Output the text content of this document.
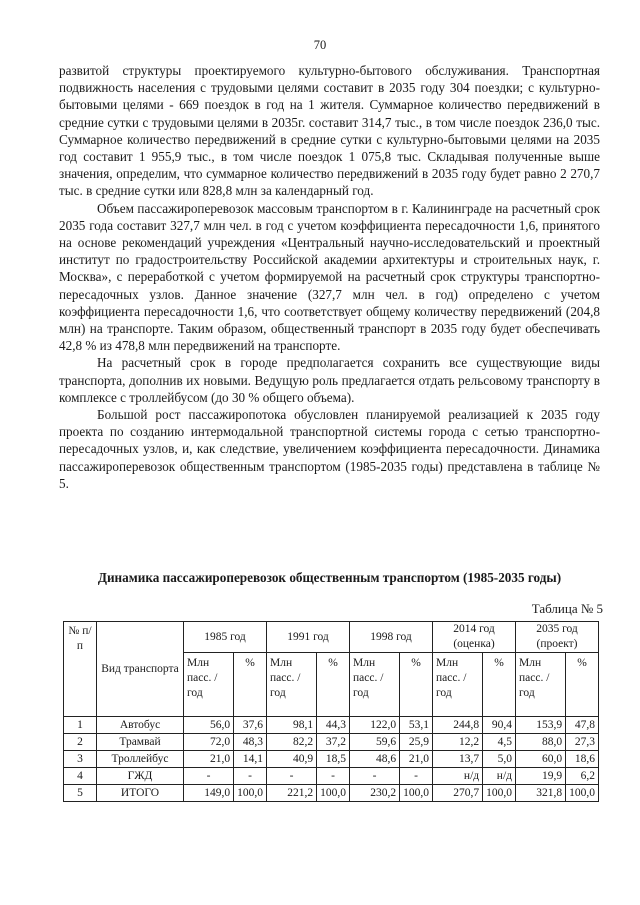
70

развитой структуры проектируемого культурно-бытового обслуживания. Транспортная подвижность населения с трудовыми целями составит в 2035 году 304 поездки; с культурно-бытовыми целями - 669 поездок в год на 1 жителя. Суммарное количество передвижений в средние сутки с трудовыми целями в 2035г. составит 314,7 тыс., в том числе поездок 236,0 тыс. Суммарное количество передвижений в средние сутки с культурно-бытовыми целями на 2035 год составит 1 955,9 тыс., в том числе поездок 1 075,8 тыс. Складывая полученные выше значения, определим, что суммарное количество передвижений в 2035 году будет равно 2 270,7 тыс. в средние сутки или 828,8 млн за календарный год.

Объем пассажироперевозок массовым транспортом в г. Калининграде на расчетный срок 2035 года составит 327,7 млн чел. в год с учетом коэффициента пересадочности 1,6, принятого на основе рекомендаций учреждения «Центральный научно-исследовательский и проектный институт по градостроительству Российской академии архитектуры и строительных наук, г. Москва», с переработкой с учетом формируемой на расчетный срок структуры транспортно-пересадочных узлов. Данное значение (327,7 млн чел. в год) определено с учетом коэффициента пересадочности 1,6, что соответствует общему количеству передвижений (204,8 млн) на транспорте. Таким образом, общественный транспорт в 2035 году будет обеспечивать 42,8 % из 478,8 млн передвижений на транспорте.

На расчетный срок в городе предполагается сохранить все существующие виды транспорта, дополнив их новыми. Ведущую роль предлагается отдать рельсовому транспорту в комплексе с троллейбусом (до 30 % общего объема).

Большой рост пассажиропотока обусловлен планируемой реализацией к 2035 году проекта по созданию интермодальной транспортной системы города с сетью транспортно-пересадочных узлов, и, как следствие, увеличением коэффициента пересадочности. Динамика пассажироперевозок общественным транспортом (1985-2035 годы) представлена в таблице № 5.

Динамика пассажироперевозок общественным транспортом (1985-2035 годы)
Таблица № 5
№ п/п	Вид транспорта	1985 год		1991 год		1998 год		2014 год (оценка)		2035 год (проект)	
		Млн пасс. / год	%	Млн пасс. / год	%	Млн пасс. / год	%	Млн пасс. / год	%	Млн пасс. / год	%
1	Автобус	56,0	37,6	98,1	44,3	122,0	53,1	244,8	90,4	153,9	47,8
2	Трамвай	72,0	48,3	82,2	37,2	59,6	25,9	12,2	4,5	88,0	27,3
3	Троллейбус	21,0	14,1	40,9	18,5	48,6	21,0	13,7	5,0	60,0	18,6
4	ГЖД	-	-	-	-	-	-	н/д	н/д	19,9	6,2
5	ИТОГО	149,0	100,0	221,2	100,0	230,2	100,0	270,7	100,0	321,8	100,0
